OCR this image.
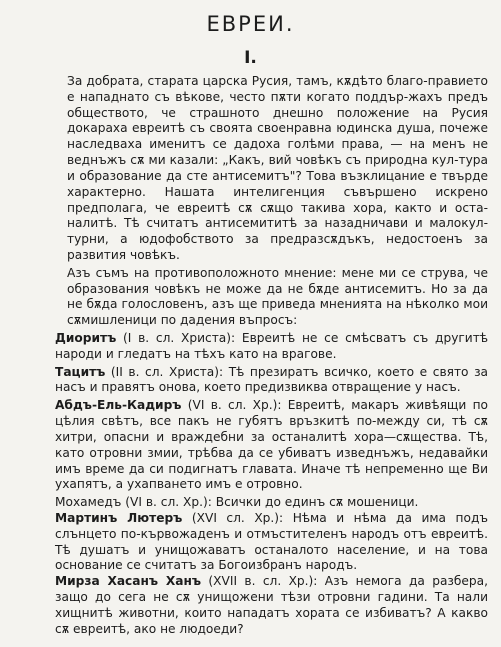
ЕВРЕИ.
I.

За добрата, старата царска Русия, тамъ, кѫдѣто благо-правието е нападнато съ вѣкове, често пѫти когато поддър-жахъ предъ обществото, че страшното днешно положение на Русия докараха евреитѣ съ своята своенравна юдинска душа, почеже наследваха именитъ се дадоха голѣми права, — на менъ не веднъжъ сѫ ми казали: „Какъ, вий човѣкъ съ природна кул-тура и образование да сте антисемитъ"? Това възклицание е твърде характерно. Нашата интелигенция съвършено искрено предполага, че евреитѣ сѫ сѫщо такива хора, както и оста-налитѣ. Тѣ считатъ антисемититѣ за назадничави и малокул-турни, а юдофобството за предразсѫдъкъ, недостоенъ за развития човѣкъ.

Азъ съмъ на противоположното мнение: мене ми се струва, че образования човѣкъ не може да не бѫде антисемитъ. Но за да не бѫда голословенъ, азъ ще приведа мненията на нѣколко мои сѫмишленици по дадения въпросъ:

Диоритъ (I в. сл. Христа): Евреитѣ не се смѣсватъ съ другитѣ народи и гледатъ на тѣхъ като на врагове.

Тацитъ (II в. сл. Христа): Тѣ презиратъ всичко, което е свято за насъ и правятъ онова, което предизвиква отвращение у насъ.

Абдъ-Ель-Кадиръ (VI в. сл. Хр.): Евреитѣ, макаръ живѣящи по цѣлия свѣтъ, все пакъ не губятъ връзкитѣ по-между си, тѣ сѫ хитри, опасни и враждебни за останалитѣ хора—сѫщества. Тѣ, като отровни змии, трѣбва да се убиватъ изведнъжъ, недавайки имъ време да си подигнатъ главата. Иначе тѣ непременно ще Ви ухапятъ, а ухапването имъ е отровно.

Мохамедъ (VI в. сл. Хр.): Всички до единъ сѫ мошеници.

Мартинъ Лютеръ (XVI сл. Хр.): Нѣма и нѣма да има подъ слънцето по-кървожаденъ и отмъстителенъ народъ отъ евреитѣ. Тѣ душатъ и унищожаватъ останалото население, и на това основание се считатъ за Богоизбранъ народъ.

Мирза Хасанъ Ханъ (XVII в. сл. Хр.): Азъ немога да разбера, защо до сега не сѫ унищожени тѣзи отровни гадини. Та нали хищнитѣ животни, които нападатъ хората се избиватъ? А какво сѫ евреитѣ, ако не людоеди?
